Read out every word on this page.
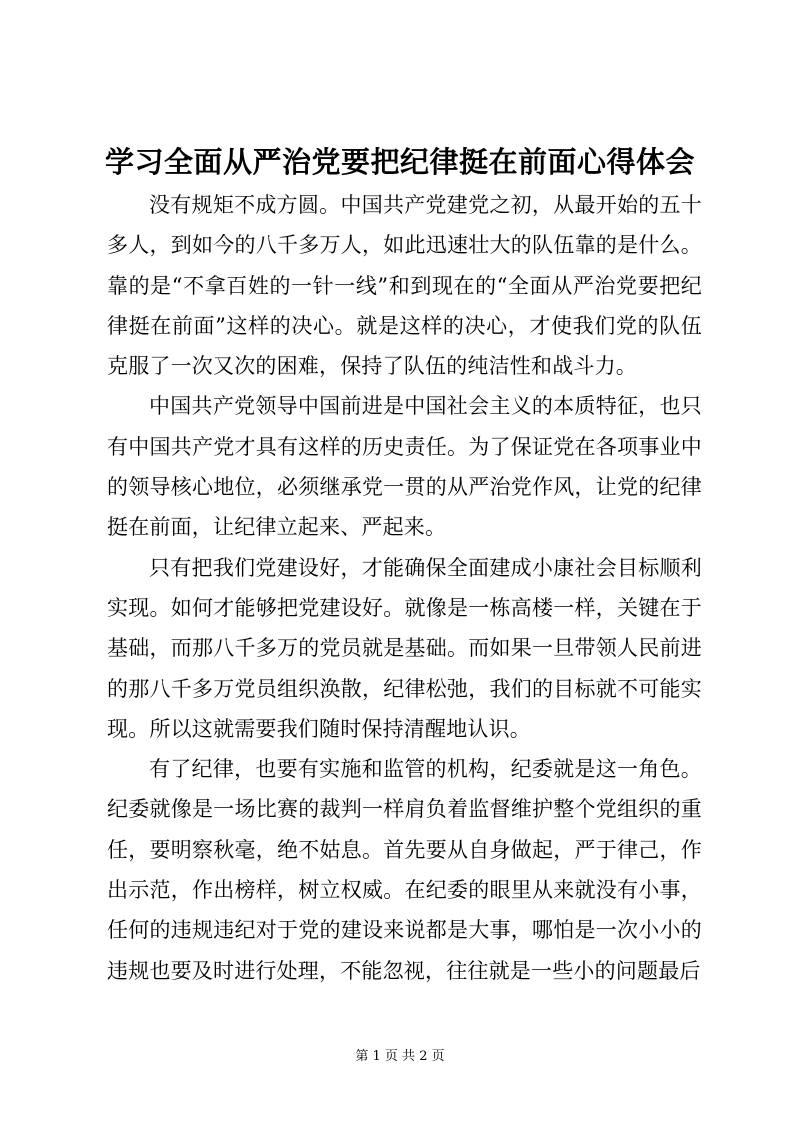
学习全面从严治党要把纪律挺在前面心得体会

没有规矩不成方圆。中国共产党建党之初，从最开始的五十多人，到如今的八千多万人，如此迅速壮大的队伍靠的是什么。靠的是“不拿百姓的一针一线”和到现在的“全面从严治党要把纪律挺在前面”这样的决心。就是这样的决心，才使我们党的队伍克服了一次又次的困难，保持了队伍的纯洁性和战斗力。

中国共产党领导中国前进是中国社会主义的本质特征，也只有中国共产党才具有这样的历史责任。为了保证党在各项事业中的领导核心地位，必须继承党一贯的从严治党作风，让党的纪律挺在前面，让纪律立起来、严起来。

只有把我们党建设好，才能确保全面建成小康社会目标顺利实现。如何才能够把党建设好。就像是一栋高楼一样，关键在于基础，而那八千多万的党员就是基础。而如果一旦带领人民前进的那八千多万党员组织涣散，纪律松弛，我们的目标就不可能实现。所以这就需要我们随时保持清醒地认识。

有了纪律，也要有实施和监管的机构，纪委就是这一角色。纪委就像是一场比赛的裁判一样肩负着监督维护整个党组织的重任，要明察秋毫，绝不姑息。首先要从自身做起，严于律己，作出示范，作出榜样，树立权威。在纪委的眼里从来就没有小事，任何的违规违纪对于党的建设来说都是大事，哪怕是一次小小的违规也要及时进行处理，不能忽视，往往就是一些小的问题最后

第 1 页 共 2 页
